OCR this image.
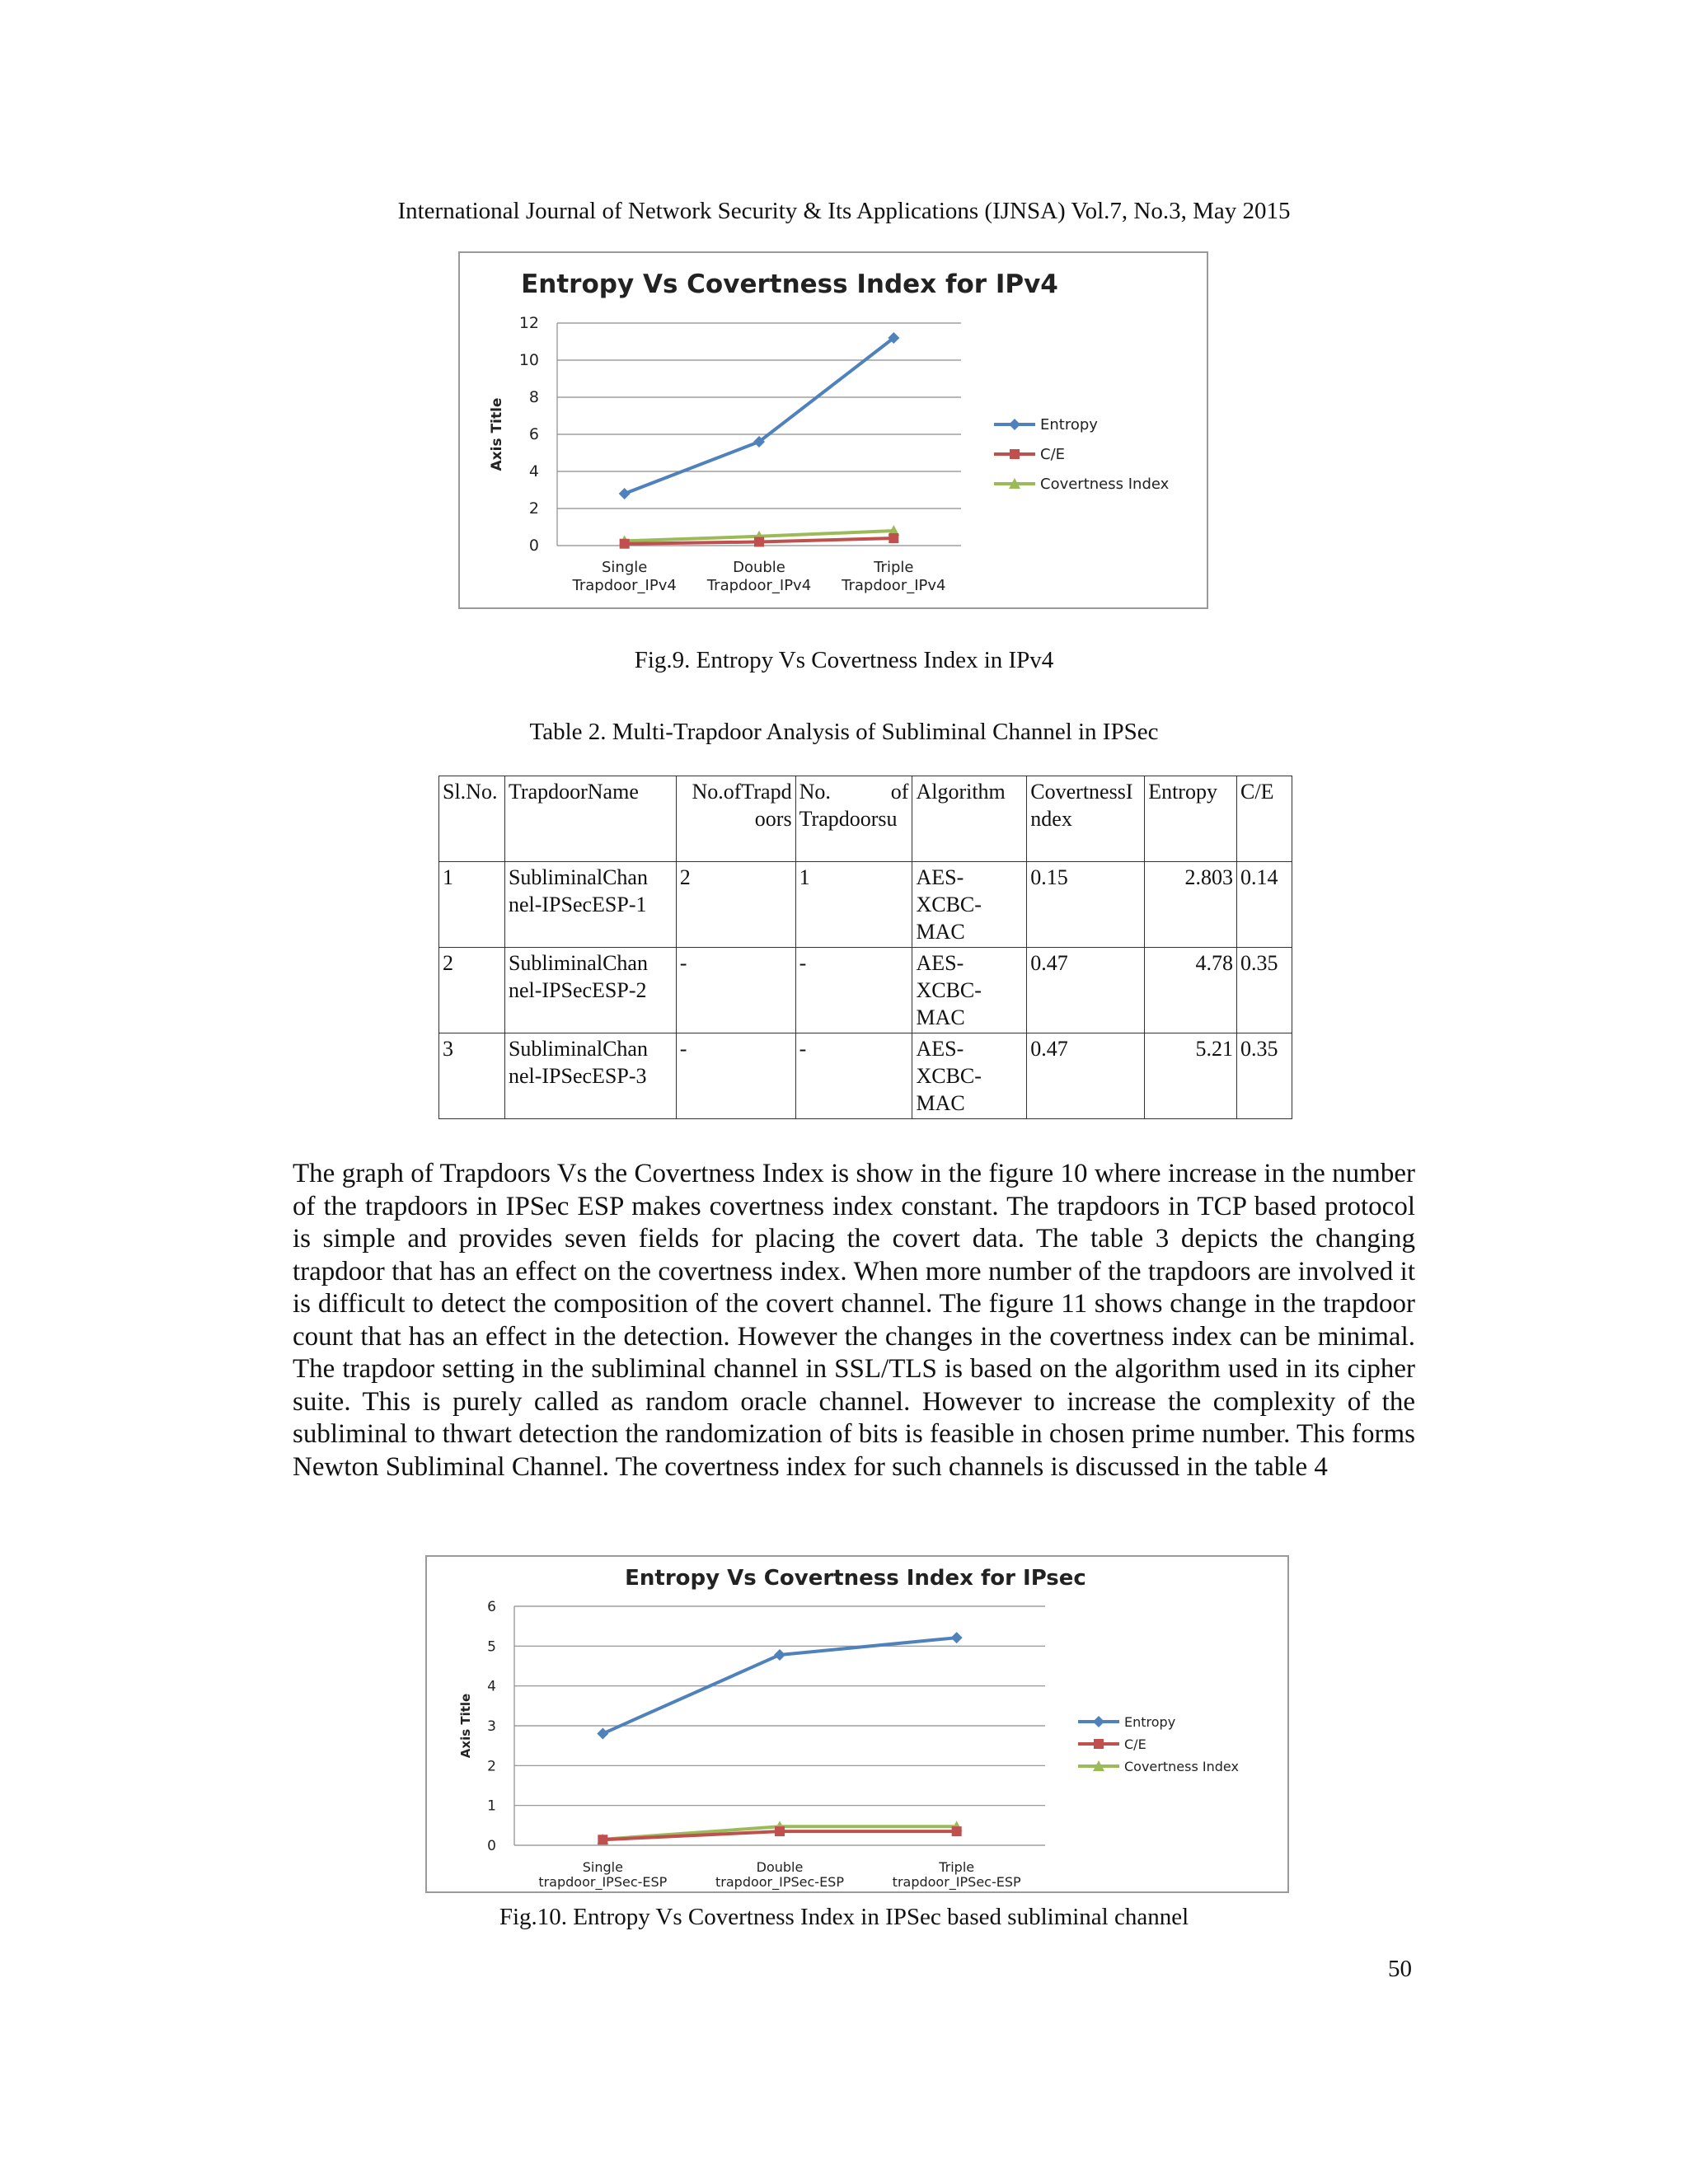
International Journal of Network Security & Its Applications (IJNSA) Vol.7, No.3, May 2015
Entropy Vs Covertness Index for IPv4
0
2
4
6
8
10
12
Axis Title
Single
Trapdoor_IPv4
Double
Trapdoor_IPv4
Triple
Trapdoor_IPv4
Entropy
C/E
Covertness Index
Fig.9. Entropy Vs Covertness Index in IPv4
Table 2. Multi-Trapdoor Analysis of Subliminal Channel in IPSec
Sl.No.	TrapdoorName	No.ofTrapd oors	No. of Trapdoorsu	Algorithm	CovertnessI ndex	Entropy	C/E
1	SubliminalChan nel-IPSecESP-1	2	1	AES- XCBC- MAC	0.15	2.803	0.14
2	SubliminalChan nel-IPSecESP-2	-	-	AES- XCBC- MAC	0.47	4.78	0.35
3	SubliminalChan nel-IPSecESP-3	-	-	AES- XCBC- MAC	0.47	5.21	0.35
The graph of Trapdoors Vs the Covertness Index is show in the figure 10 where increase in the number of the trapdoors in IPSec ESP makes covertness index constant. The trapdoors in TCP based protocol is simple and provides seven fields for placing the covert data. The table 3 depicts the changing trapdoor that has an effect on the covertness index. When more number of the trapdoors are involved it is difficult to detect the composition of the covert channel. The figure 11 shows change in the trapdoor count that has an effect in the detection. However the changes in the covertness index can be minimal. The trapdoor setting in the subliminal channel in SSL/TLS is based on the algorithm used in its cipher suite. This is purely called as random oracle channel. However to increase the complexity of the subliminal to thwart detection the randomization of bits is feasible in chosen prime number. This forms Newton Subliminal Channel. The covertness index for such channels is discussed in the table 4
Entropy Vs Covertness Index for IPsec
0
1
2
3
4
5
6
Axis Title
Single
trapdoor_IPSec-ESP
Double
trapdoor_IPSec-ESP
Triple
trapdoor_IPSec-ESP
Entropy
C/E
Covertness Index
Fig.10. Entropy Vs Covertness Index in IPSec based subliminal channel
50
